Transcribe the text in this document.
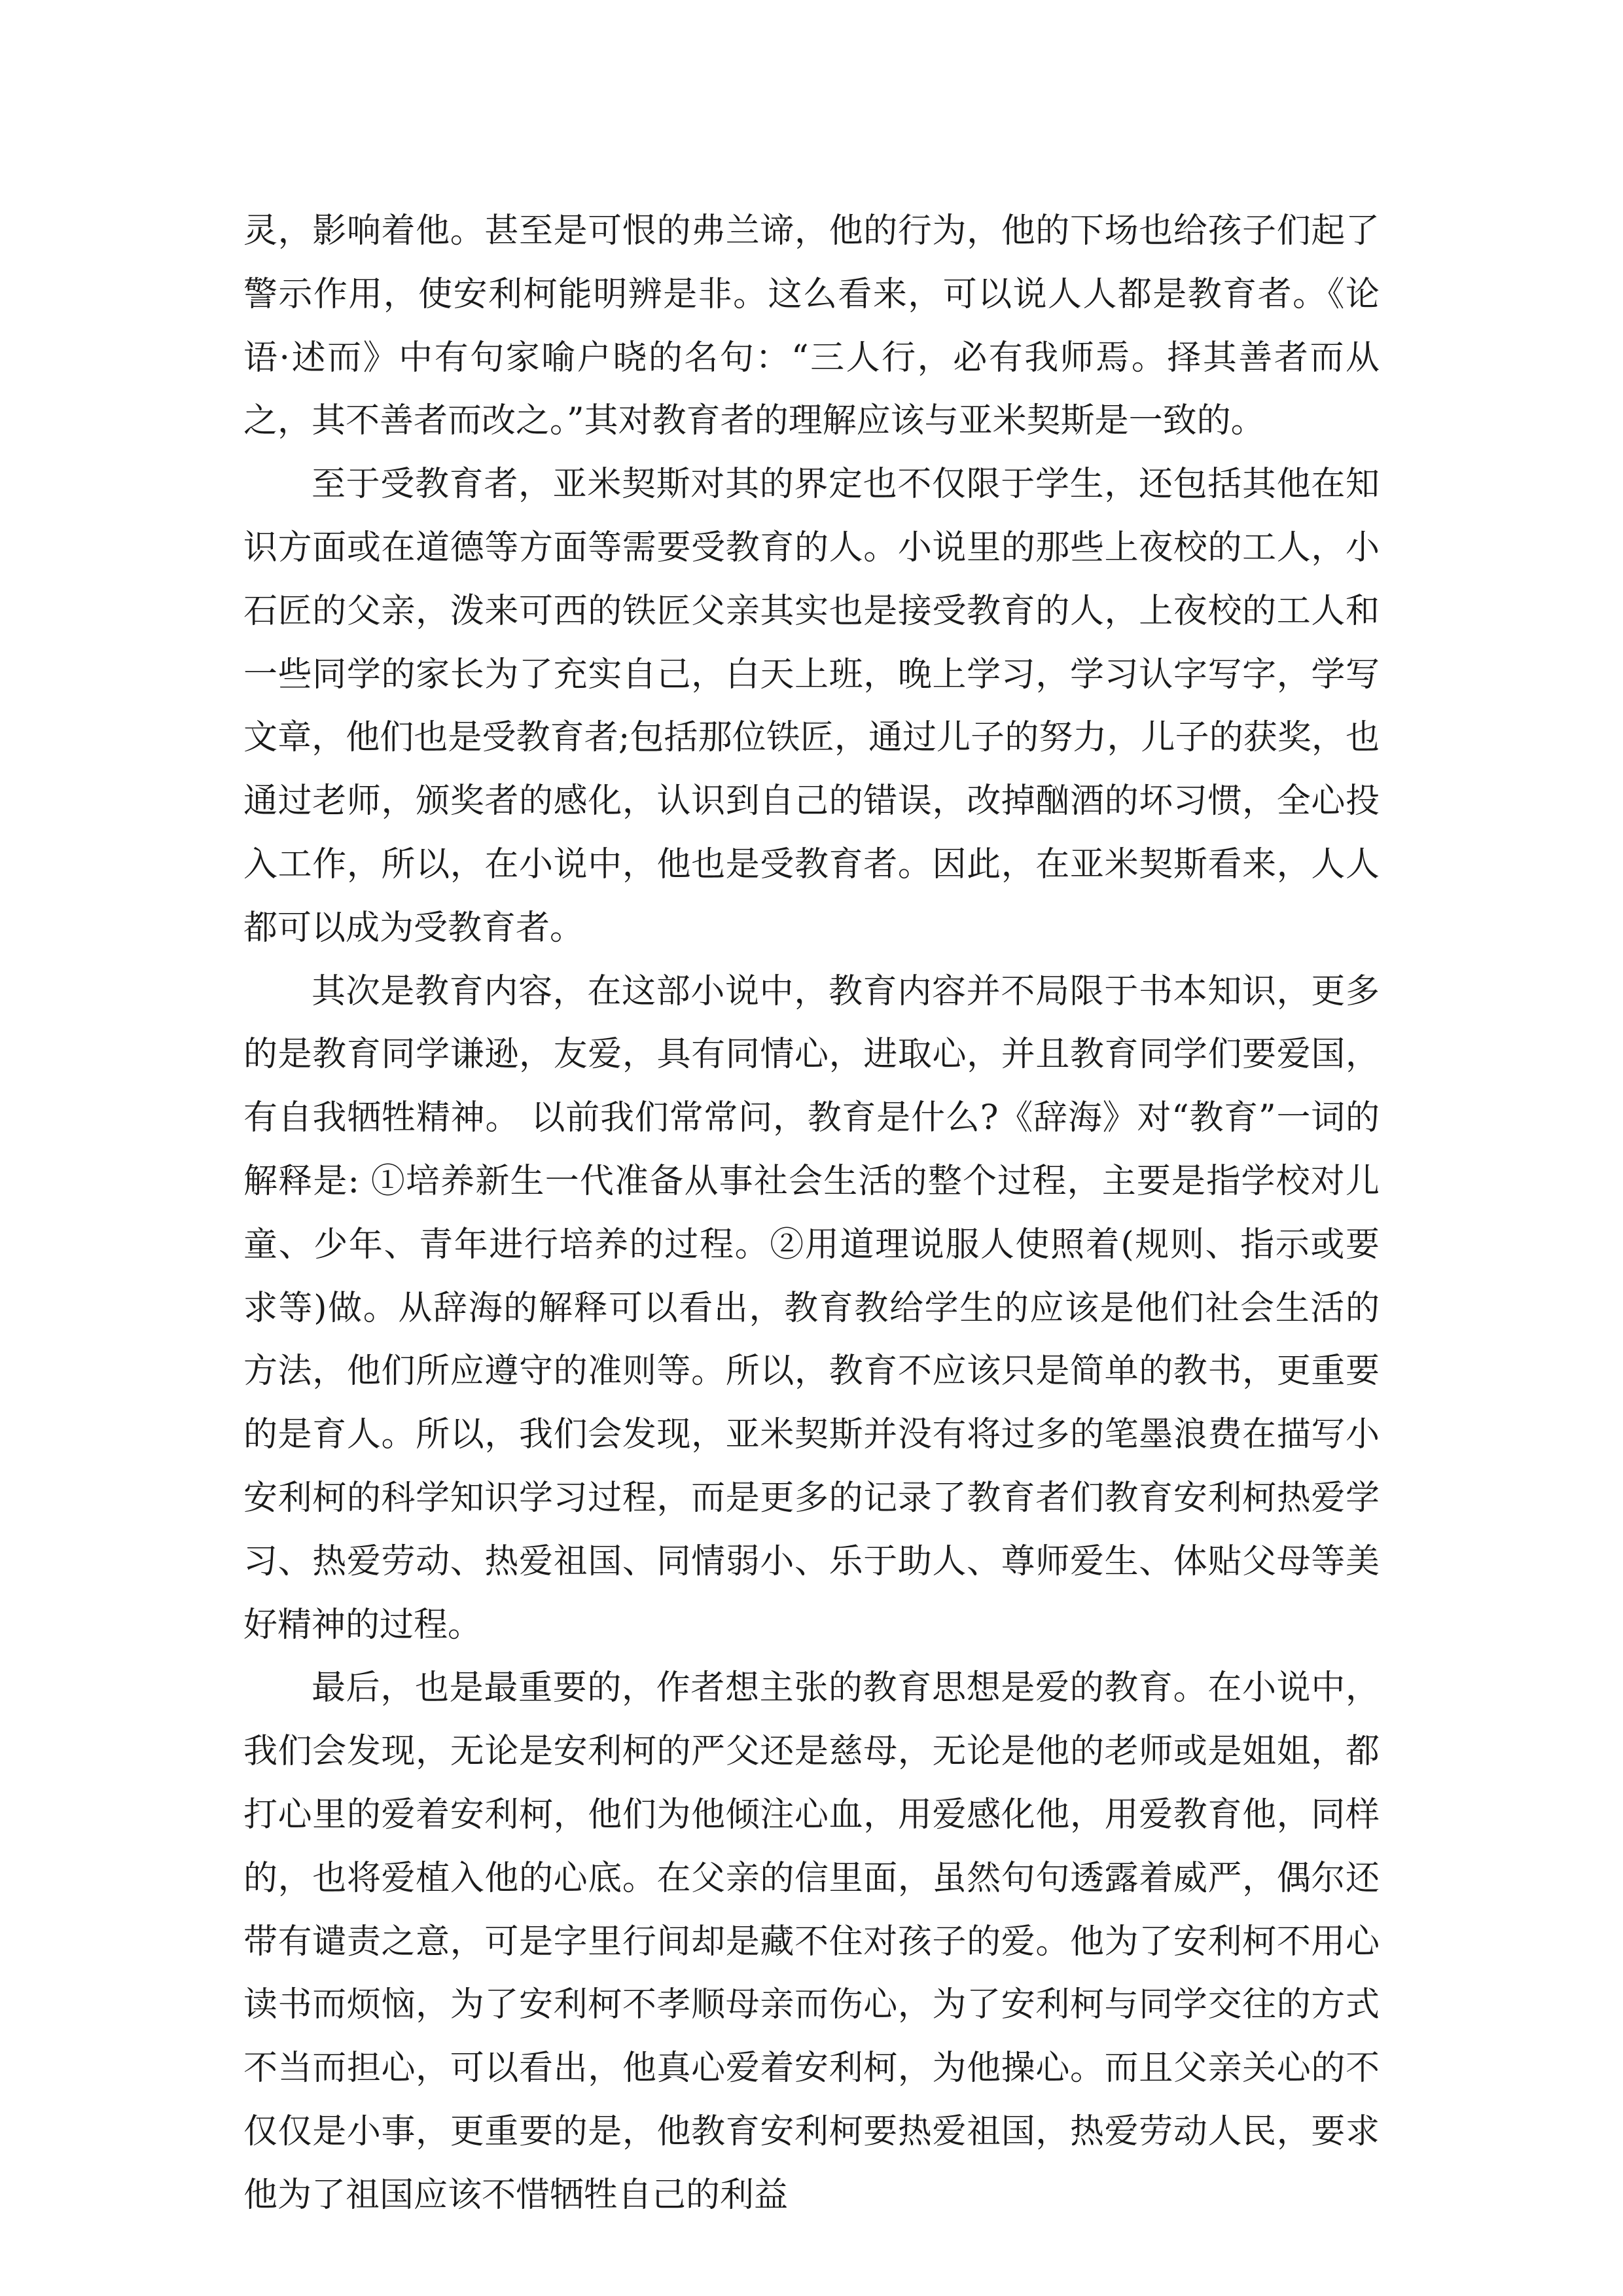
灵，影响着他。甚至是可恨的弗兰谛，他的行为，他的下场也给孩子们起了警示作用，使安利柯能明辨是非。这么看来，可以说人人都是教育者。《论语·述而》中有句家喻户晓的名句：“三人行，必有我师焉。择其善者而从之，其不善者而改之。”其对教育者的理解应该与亚米契斯是一致的。

至于受教育者，亚米契斯对其的界定也不仅限于学生，还包括其他在知识方面或在道德等方面等需要受教育的人。小说里的那些上夜校的工人，小石匠的父亲，泼来可西的铁匠父亲其实也是接受教育的人，上夜校的工人和一些同学的家长为了充实自己，白天上班，晚上学习，学习认字写字，学写文章，他们也是受教育者;包括那位铁匠，通过儿子的努力，儿子的获奖，也通过老师，颁奖者的感化，认识到自己的错误，改掉酗酒的坏习惯，全心投入工作，所以，在小说中，他也是受教育者。因此，在亚米契斯看来，人人都可以成为受教育者。

其次是教育内容，在这部小说中，教育内容并不局限于书本知识，更多的是教育同学谦逊，友爱，具有同情心，进取心，并且教育同学们要爱国，有自我牺牲精神。 以前我们常常问，教育是什么?《辞海》对“教育”一词的解释是: ①培养新生一代准备从事社会生活的整个过程，主要是指学校对儿童、少年、青年进行培养的过程。②用道理说服人使照着(规则、指示或要求等)做。从辞海的解释可以看出，教育教给学生的应该是他们社会生活的方法，他们所应遵守的准则等。所以，教育不应该只是简单的教书，更重要的是育人。所以，我们会发现，亚米契斯并没有将过多的笔墨浪费在描写小安利柯的科学知识学习过程，而是更多的记录了教育者们教育安利柯热爱学习、热爱劳动、热爱祖国、同情弱小、乐于助人、尊师爱生、体贴父母等美好精神的过程。

最后，也是最重要的，作者想主张的教育思想是爱的教育。在小说中，我们会发现，无论是安利柯的严父还是慈母，无论是他的老师或是姐姐，都打心里的爱着安利柯，他们为他倾注心血，用爱感化他，用爱教育他，同样的，也将爱植入他的心底。在父亲的信里面，虽然句句透露着威严，偶尔还带有谴责之意，可是字里行间却是藏不住对孩子的爱。他为了安利柯不用心读书而烦恼，为了安利柯不孝顺母亲而伤心，为了安利柯与同学交往的方式不当而担心，可以看出，他真心爱着安利柯，为他操心。而且父亲关心的不仅仅是小事，更重要的是，他教育安利柯要热爱祖国，热爱劳动人民，要求他为了祖国应该不惜牺牲自己的利益
